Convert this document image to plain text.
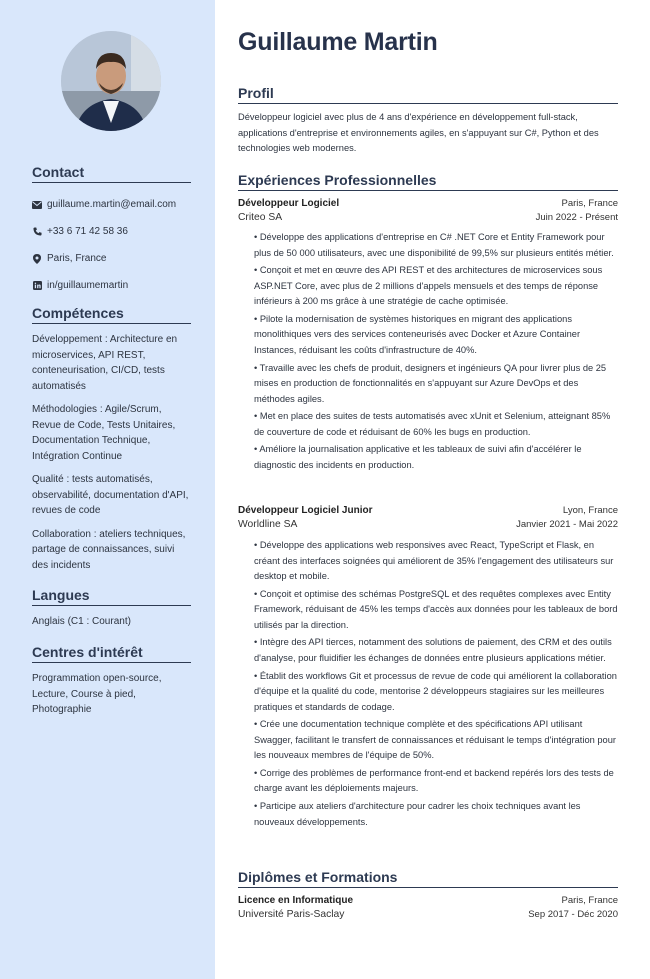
Contact
guillaume.martin@email.com
+33 6 71 42 58 36
Paris, France
in/guillaumemartin
Compétences
Développement : Architecture en microservices, API REST, conteneurisation, CI/CD, tests automatisés
Méthodologies : Agile/Scrum, Revue de Code, Tests Unitaires, Documentation Technique, Intégration Continue
Qualité : tests automatisés, observabilité, documentation d'API, revues de code
Collaboration : ateliers techniques, partage de connaissances, suivi des incidents
Langues
Anglais (C1 : Courant)
Centres d'intérêt
Programmation open-source, Lecture, Course à pied, Photographie
Guillaume Martin
Profil
Développeur logiciel avec plus de 4 ans d'expérience en développement full-stack, applications d'entreprise et environnements agiles, en s'appuyant sur C#, Python et des technologies web modernes.
Expériences Professionnelles
Développeur Logiciel	Paris, France
Criteo SA	Juin 2022 - Présent
• Développe des applications d'entreprise en C# .NET Core et Entity Framework pour plus de 50 000 utilisateurs, avec une disponibilité de 99,5% sur plusieurs entités métier.
• Conçoit et met en œuvre des API REST et des architectures de microservices sous ASP.NET Core, avec plus de 2 millions d'appels mensuels et des temps de réponse inférieurs à 200 ms grâce à une stratégie de cache optimisée.
• Pilote la modernisation de systèmes historiques en migrant des applications monolithiques vers des services conteneurisés avec Docker et Azure Container Instances, réduisant les coûts d'infrastructure de 40%.
• Travaille avec les chefs de produit, designers et ingénieurs QA pour livrer plus de 25 mises en production de fonctionnalités en s'appuyant sur Azure DevOps et des méthodes agiles.
• Met en place des suites de tests automatisés avec xUnit et Selenium, atteignant 85% de couverture de code et réduisant de 60% les bugs en production.
• Améliore la journalisation applicative et les tableaux de suivi afin d'accélérer le diagnostic des incidents en production.
Développeur Logiciel Junior	Lyon, France
Worldline SA	Janvier 2021 - Mai 2022
• Développe des applications web responsives avec React, TypeScript et Flask, en créant des interfaces soignées qui améliorent de 35% l'engagement des utilisateurs sur desktop et mobile.
• Conçoit et optimise des schémas PostgreSQL et des requêtes complexes avec Entity Framework, réduisant de 45% les temps d'accès aux données pour les tableaux de bord utilisés par la direction.
• Intègre des API tierces, notamment des solutions de paiement, des CRM et des outils d'analyse, pour fluidifier les échanges de données entre plusieurs applications métier.
• Établit des workflows Git et processus de revue de code qui améliorent la collaboration d'équipe et la qualité du code, mentorise 2 développeurs stagiaires sur les meilleures pratiques et standards de codage.
• Crée une documentation technique complète et des spécifications API utilisant Swagger, facilitant le transfert de connaissances et réduisant le temps d'intégration pour les nouveaux membres de l'équipe de 50%.
• Corrige des problèmes de performance front-end et backend repérés lors des tests de charge avant les déploiements majeurs.
• Participe aux ateliers d'architecture pour cadrer les choix techniques avant les nouveaux développements.
Diplômes et Formations
Licence en Informatique	Paris, France
Université Paris-Saclay	Sep 2017 - Déc 2020
